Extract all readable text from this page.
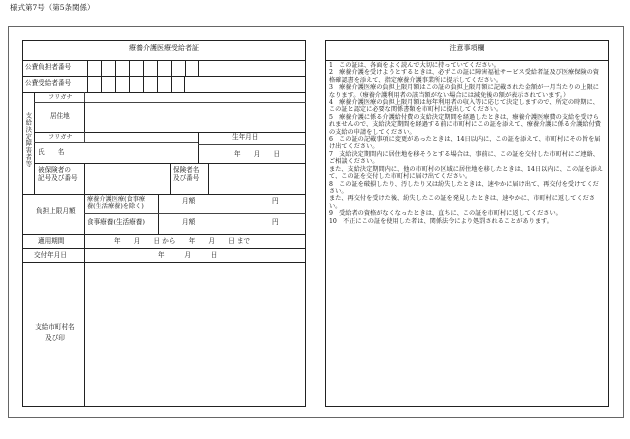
様式第7号（第5条関係）
療養介護医療受給者証
公費負担者番号
公費受給者番号
支給決定障害者等
フリガナ
居住地
フリガナ	生年月日
氏　　名	年　　月　　日
被保険者の
記号及び番号
保険者名
及び番号
負担上限月額
療養介護医療(食事療
養(生活療養)を除く)
月額	円
食事療養(生活療養)	月額	円
適用期間	年　　月　　日 から　　年　　月　　日 まで
交付年月日	年　　　月　　　日
支給市町村名
及び印
注意事項欄
1　この証は、各面をよく読んで大切に持っていてください。
2　療養介護を受けようとするときは、必ずこの証に障害福祉サービス受給者証及び医療保険の資格確認書を添えて、指定療養介護事業所に提示してください。
3　療養介護医療の負担上限月額はこの証の負担上限月額に記載された金額が一月当たりの上限になります。（療養介護利用者の該当額がない場合には減免後の額が表示されています。）
4　療養介護医療の負担上限月額は毎年利用者の収入等に応じて決定しますので、所定の時期に、この証と認定に必要な関係書類を市町村に提出してください。
5　療養介護に係る介護給付費の支給決定期間を経過したときは、療養介護医療費の支給を受けられませんので、支給決定期間を経過する前に市町村にこの証を添えて、療養介護に係る介護給付費の支給の申請をしてください。
6　この証の記載事項に変更があったときは、14日以内に、この証を添えて、市町村にその旨を届け出てください。
7　支給決定期間内に居住地を移そうとする場合は、事前に、この証を交付した市町村にご連絡、ご相談ください。
また、支給決定期間内に、他の市町村の区域に居住地を移したときは、14日以内に、この証を添えて、この証を交付した市町村に届け出てください。
8　この証を破損したり、汚したり又は紛失したときは、速やかに届け出て、再交付を受けてください。
また、再交付を受けた後、紛失したこの証を発見したときは、速やかに、市町村に返してください。
9　受給者の資格がなくなったときは、直ちに、この証を市町村に返してください。
10　不正にこの証を使用した者は、関係法令により処罰されることがあります。
